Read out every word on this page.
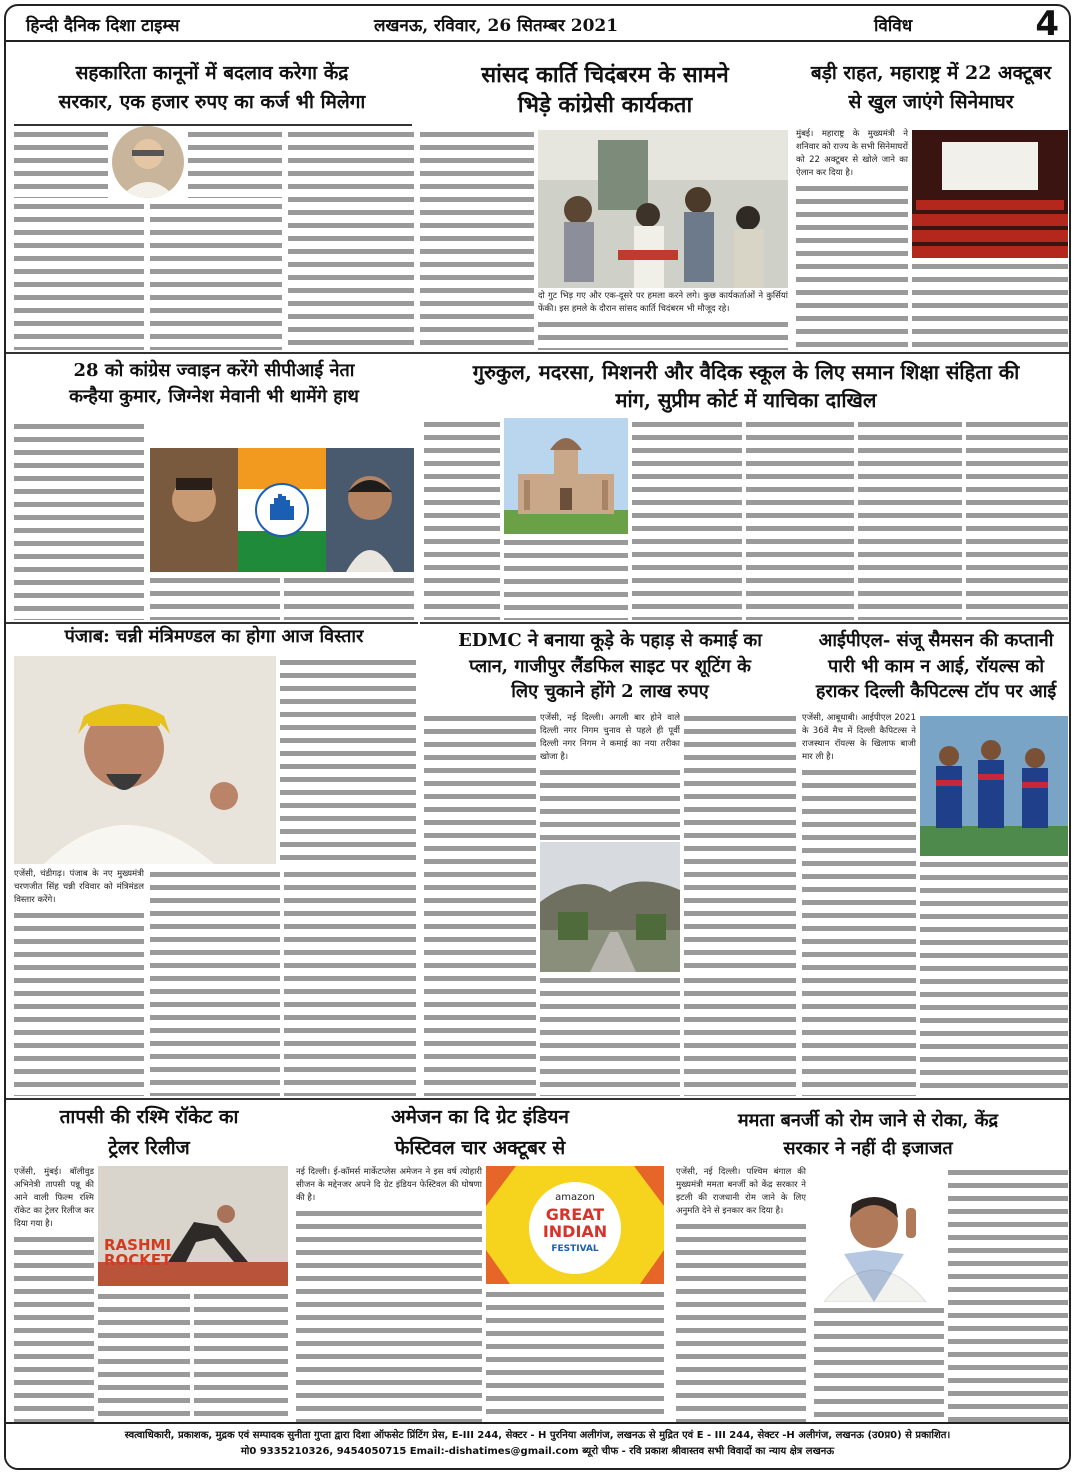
हिन्दी दैनिक दिशा टाइम्स	लखनऊ, रविवार, 26 सितम्बर 2021	विविध	4
सहकारिता कानूनों में बदलाव करेगा केंद्र
सरकार, एक हजार रुपए का कर्ज भी मिलेगा
सांसद कार्ति चिदंबरम के सामने
भिड़े कांग्रेसी कार्यकता

दो गुट भिड़ गए और एक-दूसरे पर हमला करने लगे। कुछ कार्यकर्ताओं ने कुर्सियां फेंकी। इस हमले के दौरान सांसद कार्ति चिदंबरम भी मौजूद रहे।

बड़ी राहत, महाराष्ट्र में 22 अक्टूबर
से खुल जाएंगे सिनेमाघर

मुंबई। महाराष्ट्र के मुख्यमंत्री ने शनिवार को राज्य के सभी सिनेमाघरों को 22 अक्टूबर से खोले जाने का ऐलान कर दिया है।

28 को कांग्रेस ज्वाइन करेंगे सीपीआई नेता
कन्हैया कुमार, जिग्नेश मेवानी भी थामेंगे हाथ
गुरुकुल, मदरसा, मिशनरी और वैदिक स्कूल के लिए समान शिक्षा संहिता की
मांग, सुप्रीम कोर्ट में याचिका दाखिल
पंजाब: चन्नी मंत्रिमण्डल का होगा आज विस्तार

एजेंसी, चंडीगढ़। पंजाब के नए मुख्यमंत्री चरणजीत सिंह चन्नी रविवार को मंत्रिमंडल विस्तार करेंगे।

EDMC ने बनाया कूड़े के पहाड़ से कमाई का
प्लान, गाजीपुर लैंडफिल साइट पर शूटिंग के
लिए चुकाने होंगे 2 लाख रुपए

एजेंसी, नई दिल्ली। अगली बार होने वाले दिल्ली नगर निगम चुनाव से पहले ही पूर्वी दिल्ली नगर निगम ने कमाई का नया तरीका खोजा है।

आईपीएल- संजू सैमसन की कप्तानी
पारी भी काम न आई, रॉयल्स को
हराकर दिल्ली कैपिटल्स टॉप पर आई

एजेंसी, आबूधाबी। आईपीएल 2021 के 36वें मैच में दिल्ली कैपिटल्स ने राजस्थान रॉयल्स के खिलाफ बाजी मार ली है।

तापसी की रश्मि रॉकेट का
ट्रेलर रिलीज

एजेंसी, मुंबई। बॉलीवुड अभिनेत्री तापसी पन्नू की आने वाली फिल्म रश्मि रॉकेट का ट्रेलर रिलीज कर दिया गया है।

RASHMI ROCKET
अमेजन का दि ग्रेट इंडियन
फेस्टिवल चार अक्टूबर से

नई दिल्ली। ई-कॉमर्स मार्केटप्लेस अमेजन ने इस वर्ष त्योहारी सीजन के मद्देनजर अपने दि ग्रेट इंडियन फेस्टिवल की घोषणा की है।	amazon
GREAT
INDIAN
FESTIVAL
ममता बनर्जी को रोम जाने से रोका, केंद्र
सरकार ने नहीं दी इजाजत

एजेंसी, नई दिल्ली। पश्चिम बंगाल की मुख्यमंत्री ममता बनर्जी को केंद्र सरकार ने इटली की राजधानी रोम जाने के लिए अनुमति देने से इनकार कर दिया है।

स्वत्वाधिकारी, प्रकाशक, मुद्रक एवं सम्पादक सुनीता गुप्ता द्वारा दिशा ऑफसेट प्रिंटिंग प्रेस, E-III 244, सेक्टर - H पुरनिया अलीगंज, लखनऊ से मुद्रित एवं E - III 244, सेक्टर -H अलीगंज, लखनऊ (उ0प्र0) से प्रकाशित।
मो0 9335210326, 9454050715 Email:-dishatimes@gmail.com ब्यूरो चीफ - रवि प्रकाश श्रीवास्तव सभी विवादों का न्याय क्षेत्र लखनऊ
